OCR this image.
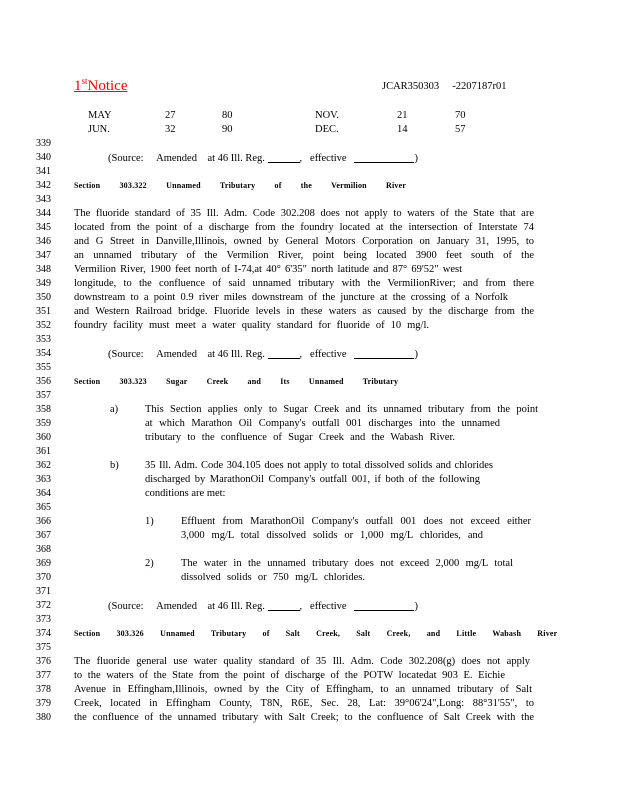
1stNotice	JCAR350303 -2207187r01
MAY	27	80	NOV.	21	70
JUN.	32	90	DEC.	14	57
339
340
341
342
343
344
345
346
347
348
349
350
351
352
353
354
355
356
357
358
359
360
361
362
363
364
365
366
367
368
369
370
371
372
373
374
375
376
377
378
379
380
(Source: Amended at 46 Ill. Reg.	,   effective	)
Section 303.322 Unnamed Tributary of the Vermilion River
The fluoride standard of 35 Ill. Adm. Code 302.208 does not apply to waters of the State that are
located from the point of a discharge from the foundry located at the intersection of Interstate 74
and G Street in Danville,Illinois, owned by General Motors Corporation on January 31, 1995, to
an unnamed tributary of the Vermilion River, point being located 3900 feet south of the
Vermilion River, 1900 feet north of I-74,at 40° 6'35" north latitude and 87° 69'52" west
longitude, to the confluence of said unnamed tributary with the VermilionRiver; and from there
downstream to a point 0.9 river miles downstream of the juncture at the crossing of a Norfolk
and Western Railroad bridge. Fluoride levels in these waters as caused by the discharge from the
foundry facility must meet a water quality standard for fluoride of 10 mg/l.
(Source: Amended at 46 Ill. Reg.	,   effective	)
Section 303.323 Sugar Creek and Its Unnamed Tributary
a)	This Section applies only to Sugar Creek and its unnamed tributary from the point
at which Marathon Oil Company's outfall 001 discharges into the unnamed
tributary to the confluence of Sugar Creek and the Wabash River.
b)	35 Ill. Adm. Code 304.105 does not apply to total dissolved solids and chlorides
discharged by MarathonOil Company's outfall 001, if both of the following
conditions are met:
1)	Effluent from MarathonOil Company's outfall 001 does not exceed either
3,000 mg/L total dissolved solids or 1,000 mg/L chlorides, and
2)	The water in the unnamed tributary does not exceed 2,000 mg/L total
dissolved solids or 750 mg/L chlorides.
(Source: Amended at 46 Ill. Reg.	,   effective	)
Section 303.326 Unnamed Tributary of Salt Creek, Salt Creek, and Little Wabash River
The fluoride general use water quality standard of 35 Ill. Adm. Code 302.208(g) does not apply
to the waters of the State from the point of discharge of the POTW locatedat 903 E. Eichie
Avenue in Effingham,Illinois, owned by the City of Effingham, to an unnamed tributary of Salt
Creek, located in Effingham County, T8N, R6E, Sec. 28, Lat: 39°06'24",Long: 88°31'55", to
the confluence of the unnamed tributary with Salt Creek; to the confluence of Salt Creek with the
